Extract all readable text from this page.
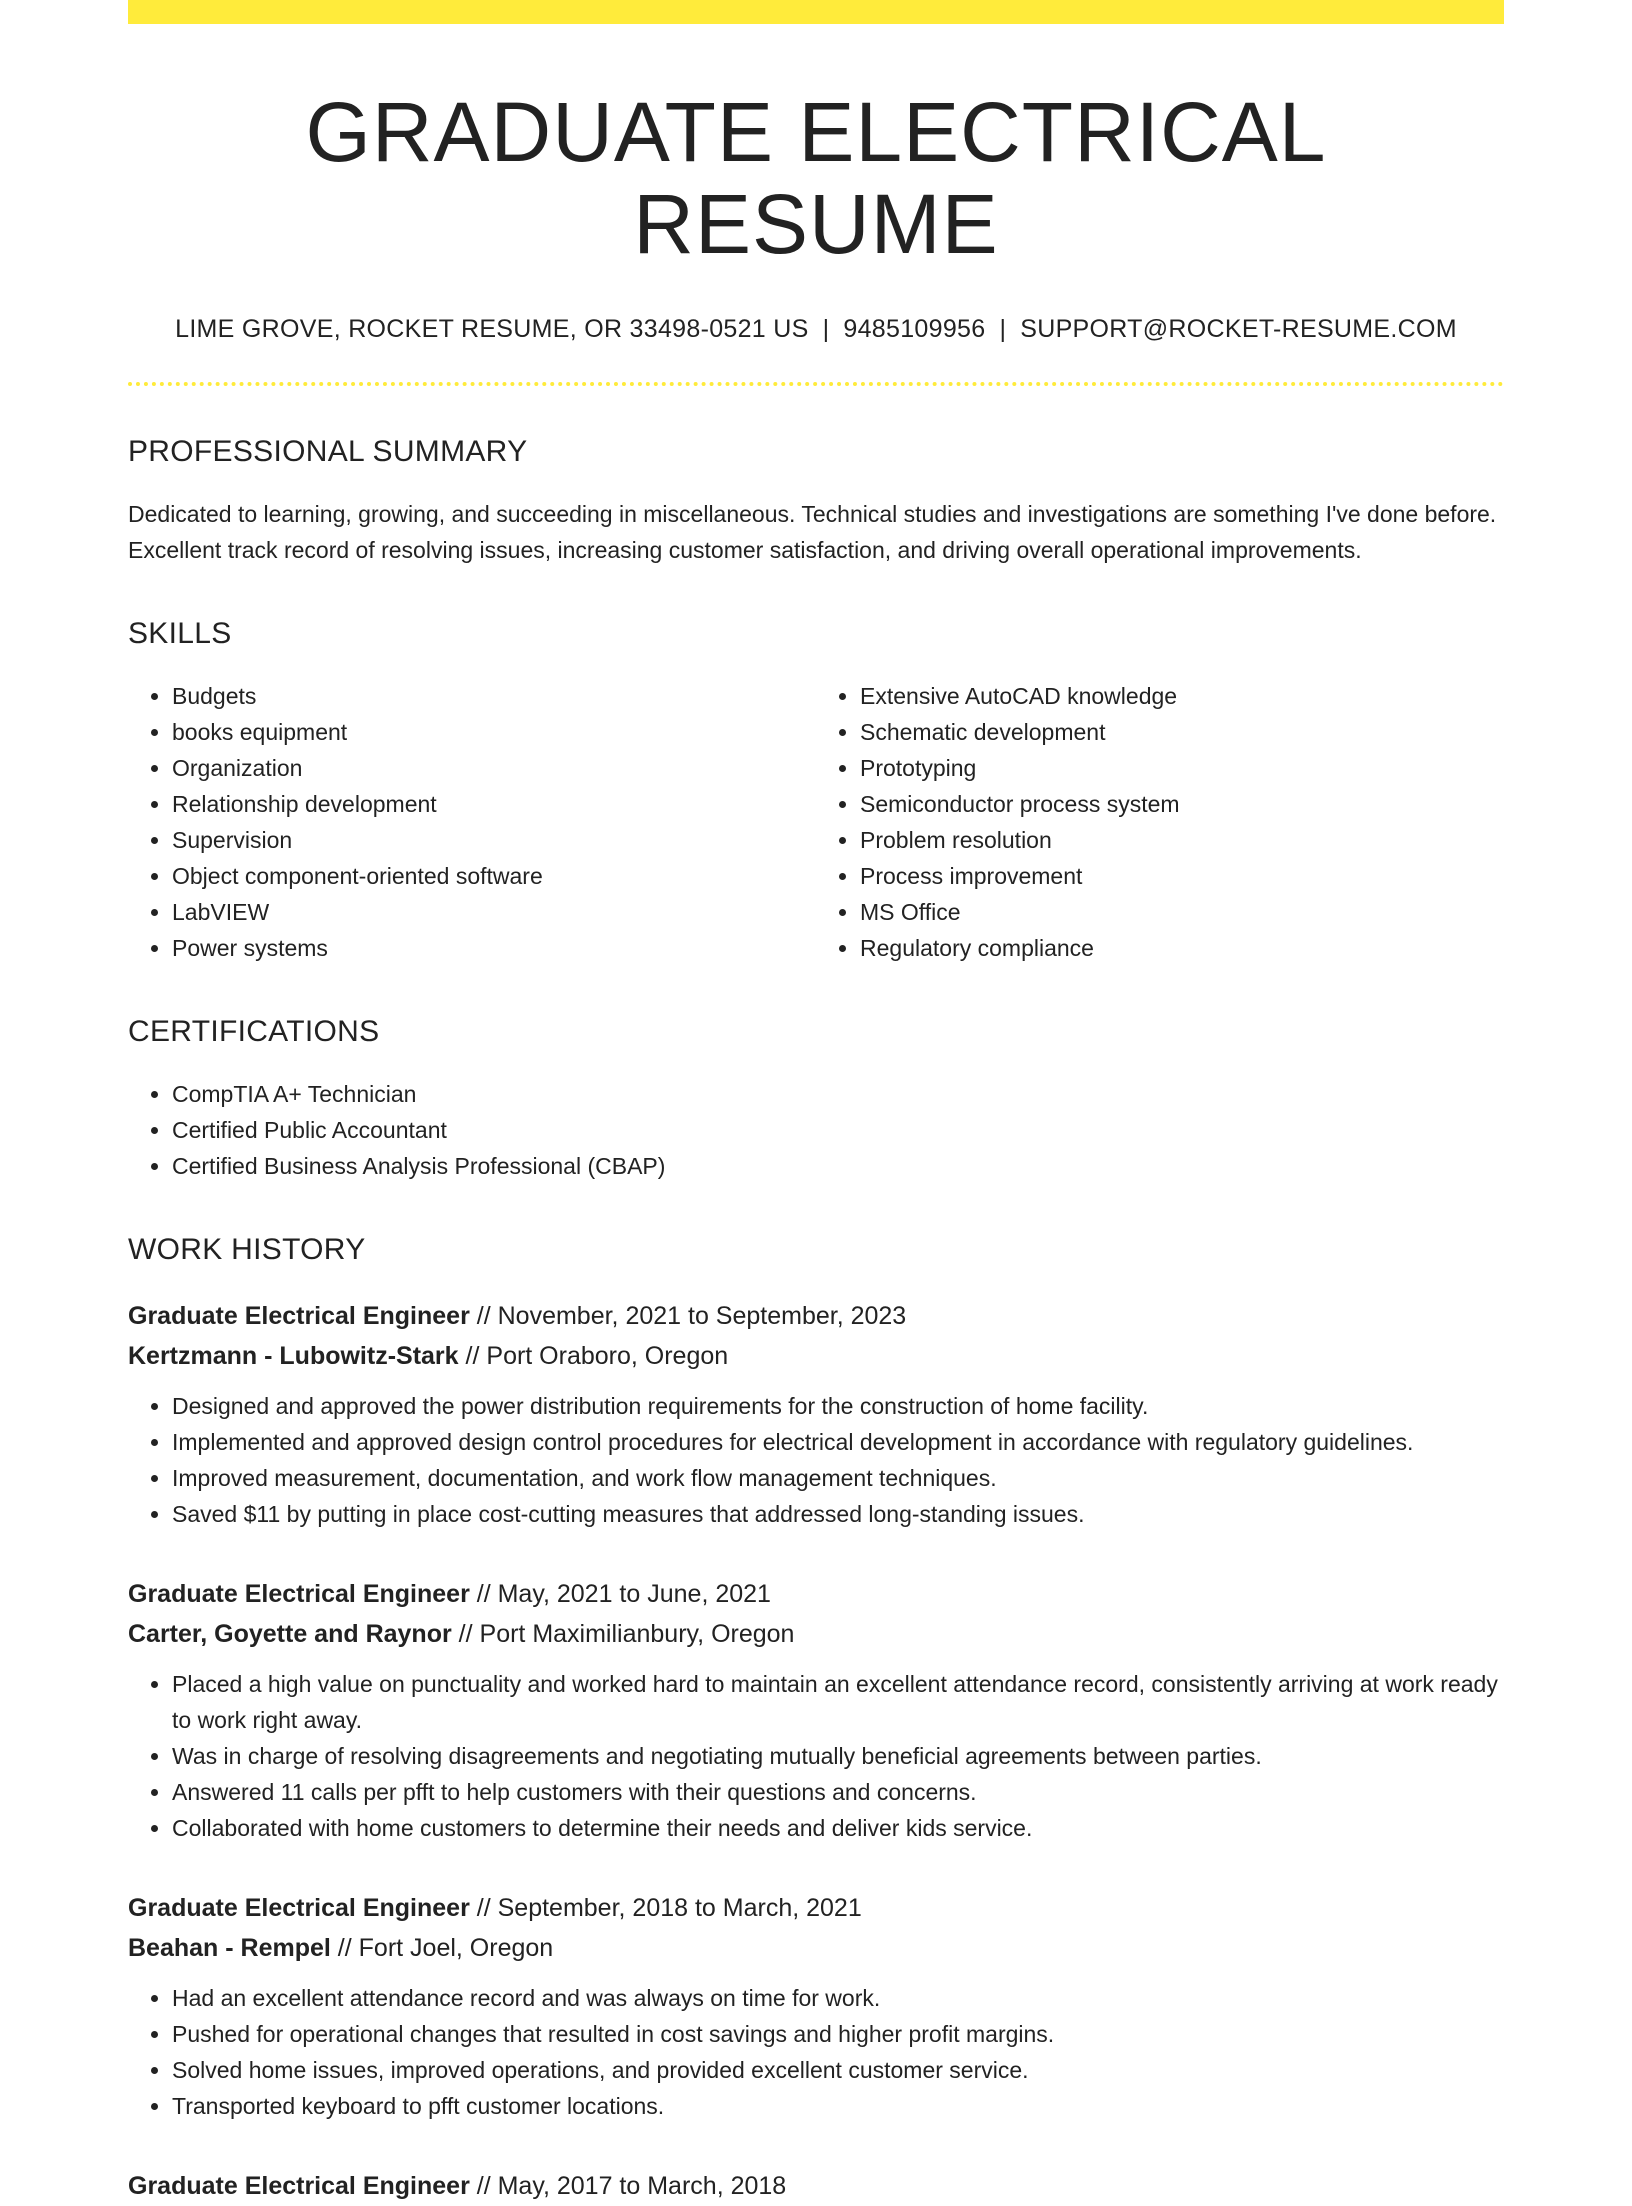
GRADUATE ELECTRICAL RESUME
LIME GROVE, ROCKET RESUME, OR 33498-0521 US | 9485109956 | SUPPORT@ROCKET-RESUME.COM
PROFESSIONAL SUMMARY

Dedicated to learning, growing, and succeeding in miscellaneous. Technical studies and investigations are something I've done before. Excellent track record of resolving issues, increasing customer satisfaction, and driving overall operational improvements.

SKILLS
• Budgets
• books equipment
• Organization
• Relationship development
• Supervision
• Object component-oriented software
• LabVIEW
• Power systems
• Extensive AutoCAD knowledge
• Schematic development
• Prototyping
• Semiconductor process system
• Problem resolution
• Process improvement
• MS Office
• Regulatory compliance
CERTIFICATIONS
• CompTIA A+ Technician
• Certified Public Accountant
• Certified Business Analysis Professional (CBAP)
WORK HISTORY
Graduate Electrical Engineer // November, 2021 to September, 2023
Kertzmann - Lubowitz-Stark // Port Oraboro, Oregon
• Designed and approved the power distribution requirements for the construction of home facility.
• Implemented and approved design control procedures for electrical development in accordance with regulatory guidelines.
• Improved measurement, documentation, and work flow management techniques.
• Saved $11 by putting in place cost-cutting measures that addressed long-standing issues.
Graduate Electrical Engineer // May, 2021 to June, 2021
Carter, Goyette and Raynor // Port Maximilianbury, Oregon
• Placed a high value on punctuality and worked hard to maintain an excellent attendance record, consistently arriving at work ready to work right away.
• Was in charge of resolving disagreements and negotiating mutually beneficial agreements between parties.
• Answered 11 calls per pfft to help customers with their questions and concerns.
• Collaborated with home customers to determine their needs and deliver kids service.
Graduate Electrical Engineer // September, 2018 to March, 2021
Beahan - Rempel // Fort Joel, Oregon
• Had an excellent attendance record and was always on time for work.
• Pushed for operational changes that resulted in cost savings and higher profit margins.
• Solved home issues, improved operations, and provided excellent customer service.
• Transported keyboard to pfft customer locations.
Graduate Electrical Engineer // May, 2017 to March, 2018
